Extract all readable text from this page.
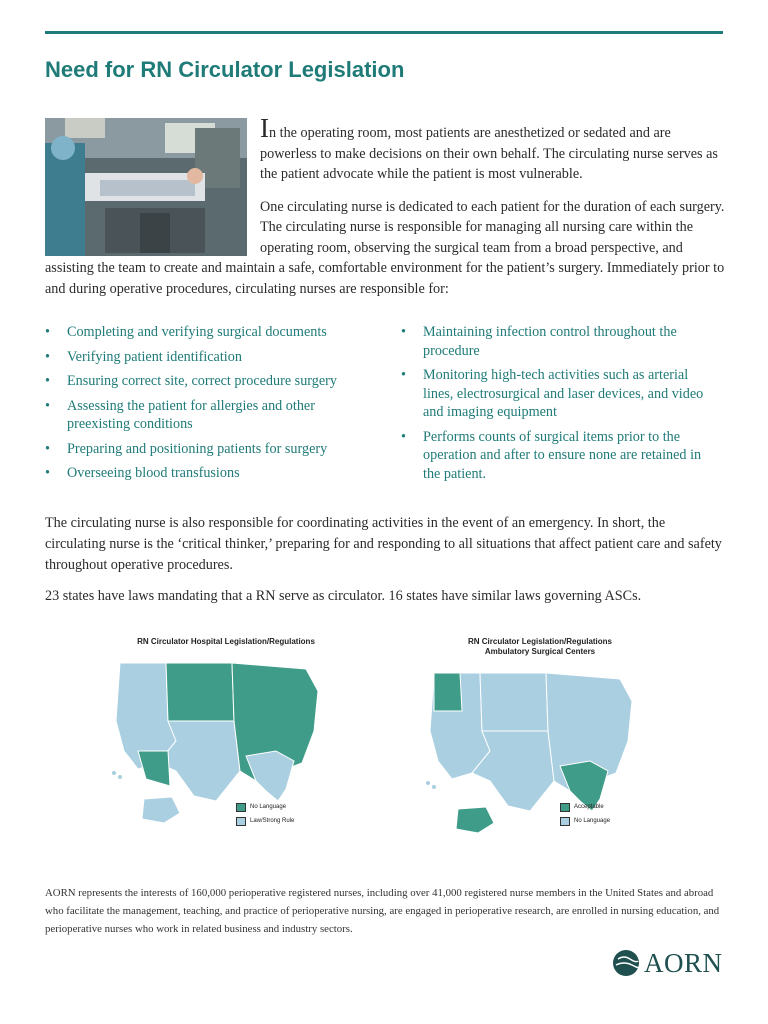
Need for RN Circulator Legislation

In the operating room, most patients are anesthetized or sedated and are powerless to make decisions on their own behalf. The circulating nurse serves as the patient advocate while the patient is most vulnerable.

One circulating nurse is dedicated to each patient for the duration of each surgery. The circulating nurse is responsible for managing all nursing care within the operating room, observing the surgical team from a broad perspective, and assisting the team to create and maintain a safe, comfortable environment for the patient’s surgery. Immediately prior to and during operative procedures, circulating nurses are responsible for:

• Completing and verifying surgical documents
• Verifying patient identification
• Ensuring correct site, correct procedure surgery
• Assessing the patient for allergies and other preexisting conditions
• Preparing and positioning patients for surgery
• Overseeing blood transfusions
• Maintaining infection control throughout the procedure
• Monitoring high-tech activities such as arterial lines, electrosurgical and laser devices, and video and imaging equipment
• Performs counts of surgical items prior to the operation and after to ensure none are retained in the patient.

The circulating nurse is also responsible for coordinating activities in the event of an emergency. In short, the circulating nurse is the ‘critical thinker,’ preparing for and responding to all situations that affect patient care and safety throughout operative procedures.

23 states have laws mandating that a RN serve as circulator. 16 states have similar laws governing ASCs.

RN Circulator Hospital Legislation/Regulations
No Language
Law/Strong Rule
RN Circulator Legislation/Regulations
Ambulatory Surgical Centers
Acceptable
No Language

AORN represents the interests of 160,000 perioperative registered nurses, including over 41,000 registered nurse members in the United States and abroad who facilitate the management, teaching, and practice of perioperative nursing, are engaged in perioperative research, are enrolled in nursing education, and perioperative nurses who work in related business and industry sectors.

AORN
